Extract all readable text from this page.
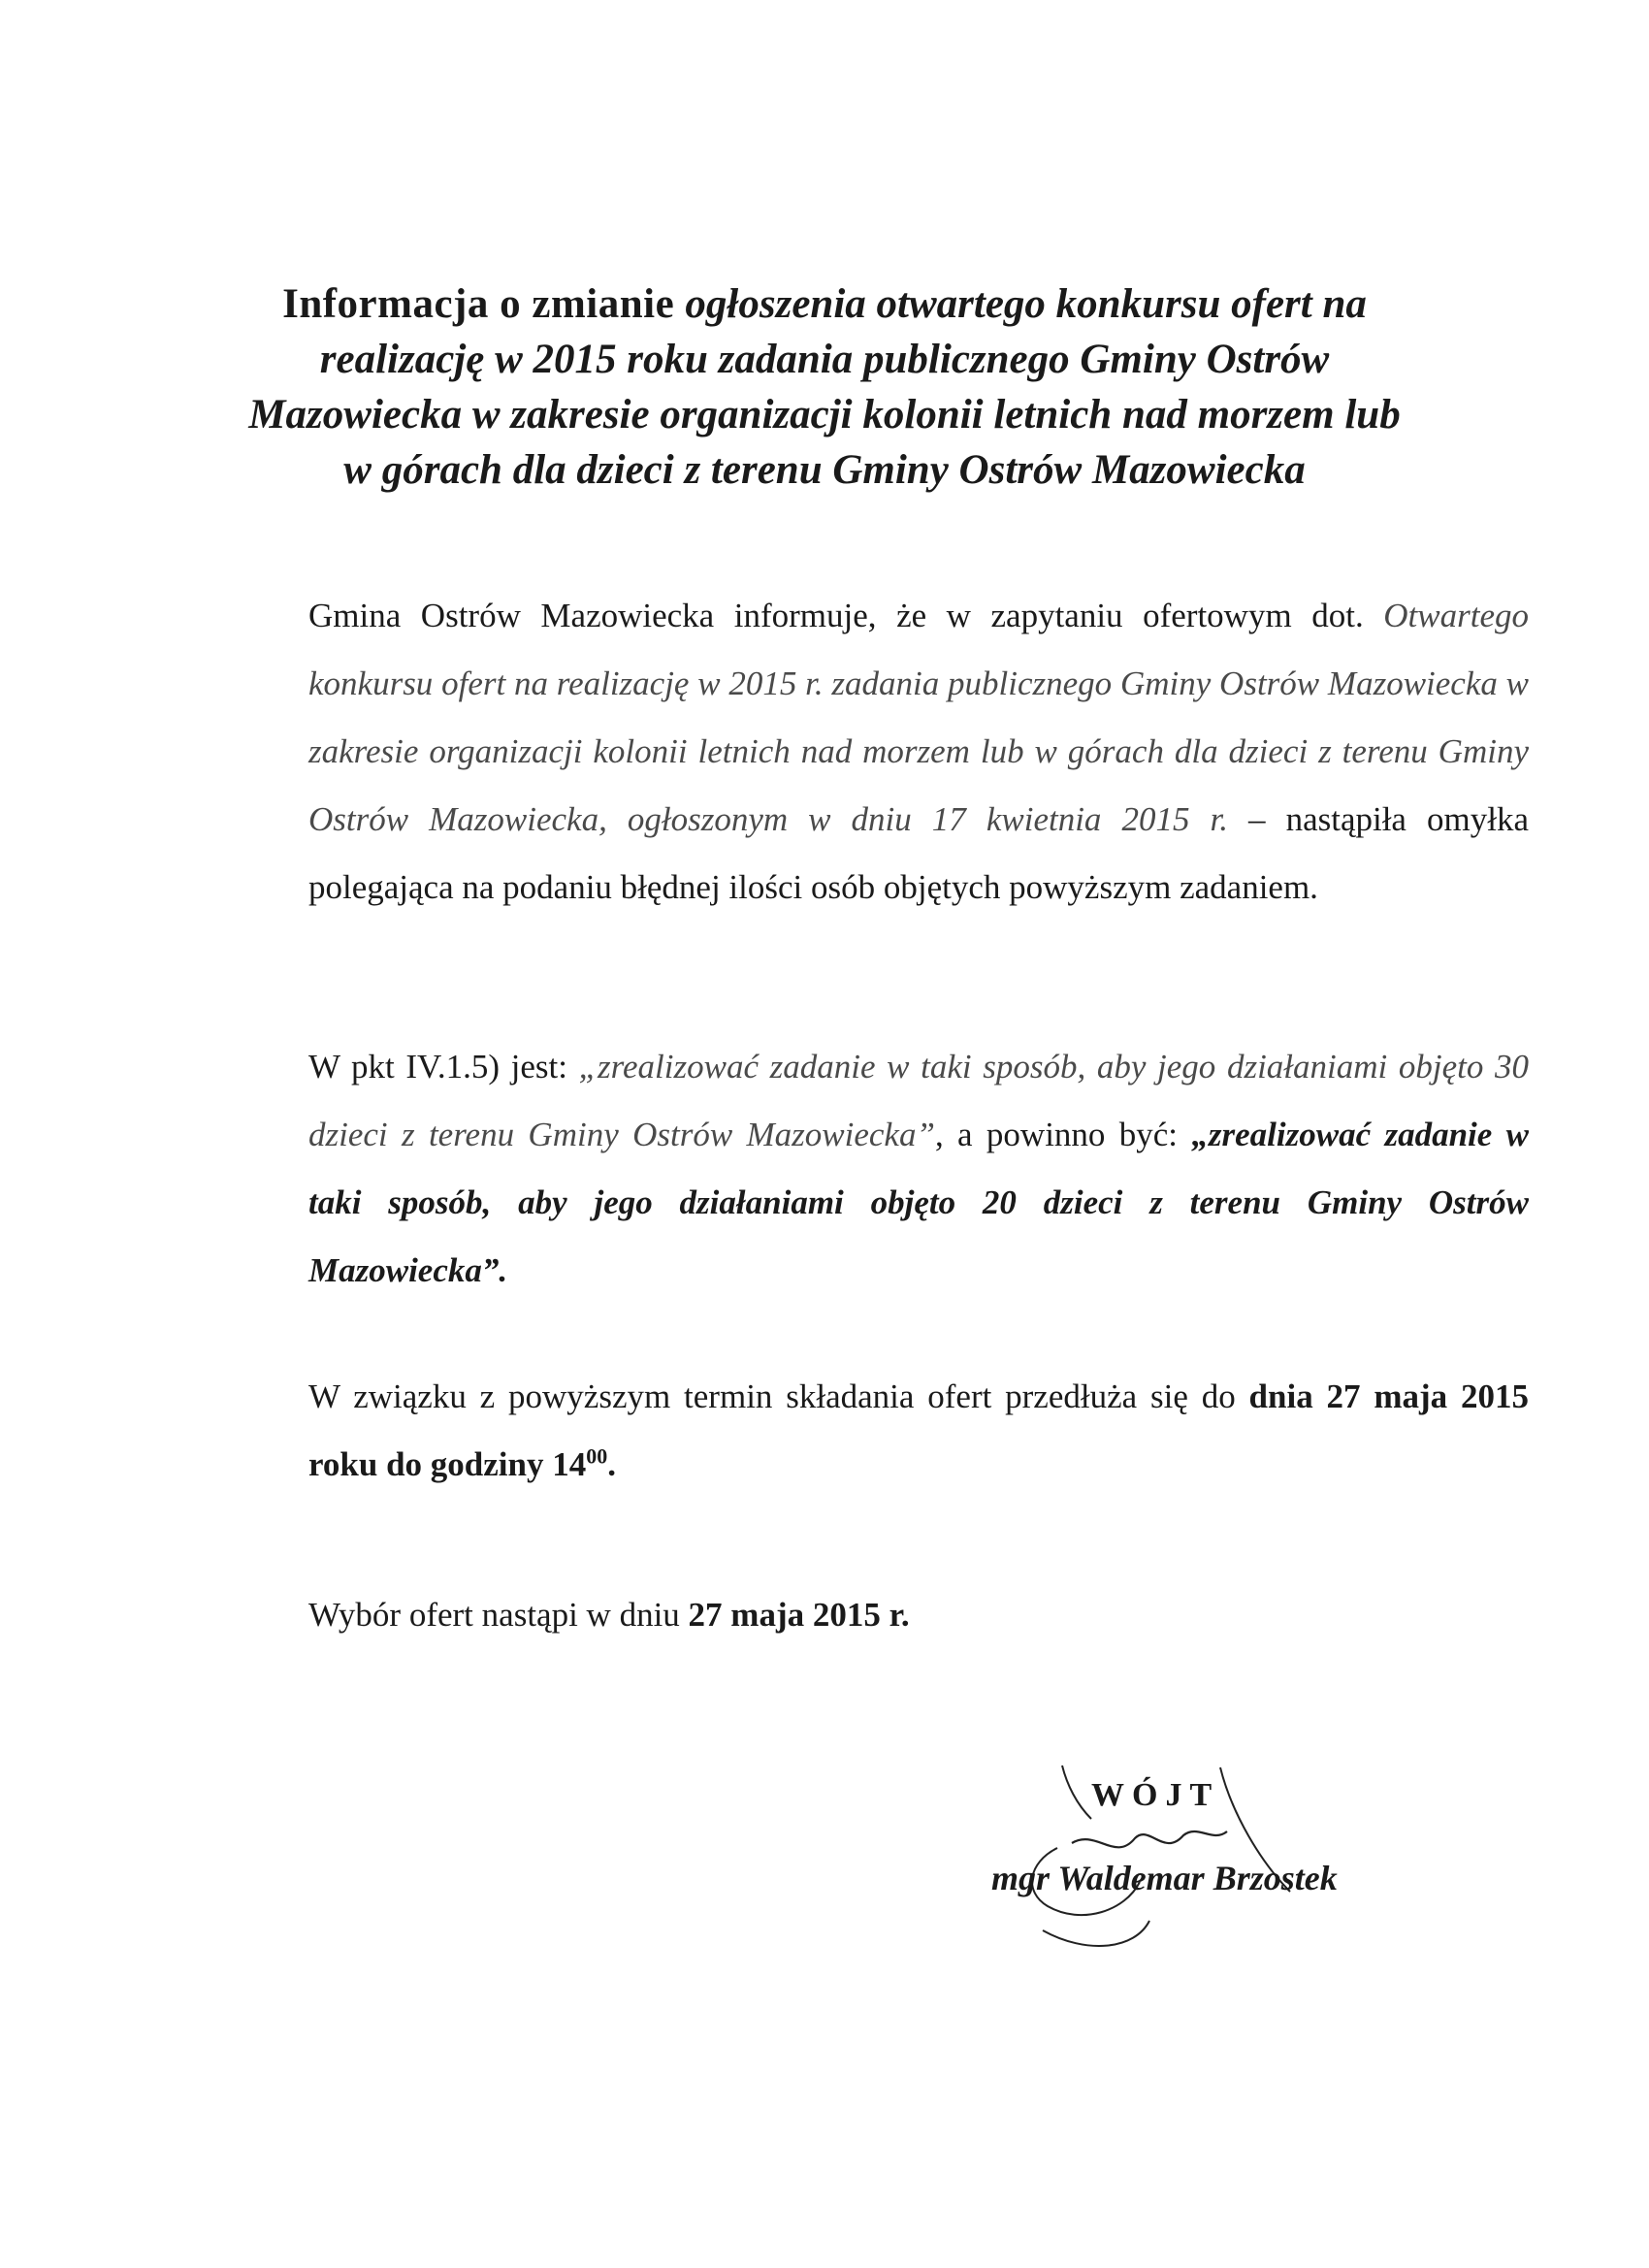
Informacja o zmianie ogłoszenia otwartego konkursu ofert na realizację w 2015 roku zadania publicznego Gminy Ostrów Mazowiecka w zakresie organizacji kolonii letnich nad morzem lub w górach dla dzieci z terenu Gminy Ostrów Mazowiecka
Gmina Ostrów Mazowiecka informuje, że w zapytaniu ofertowym dot. Otwartego konkursu ofert na realizację w 2015 r. zadania publicznego Gminy Ostrów Mazowiecka w zakresie organizacji kolonii letnich nad morzem lub w górach dla dzieci z terenu Gminy Ostrów Mazowiecka, ogłoszonym w dniu 17 kwietnia 2015 r. – nastąpiła omyłka polegająca na podaniu błędnej ilości osób objętych powyższym zadaniem.
W pkt IV.1.5) jest: „zrealizować zadanie w taki sposób, aby jego działaniami objęto 30 dzieci z terenu Gminy Ostrów Mazowiecka”, a powinno być: „zrealizować zadanie w taki sposób, aby jego działaniami objęto 20 dzieci z terenu Gminy Ostrów Mazowiecka”.
W związku z powyższym termin składania ofert przedłuża się do dnia 27 maja 2015 roku do godziny $14^{00}$.
Wybór ofert nastąpi w dniu 27 maja 2015 r.
WÓJT
mgr Waldemar Brzostek
